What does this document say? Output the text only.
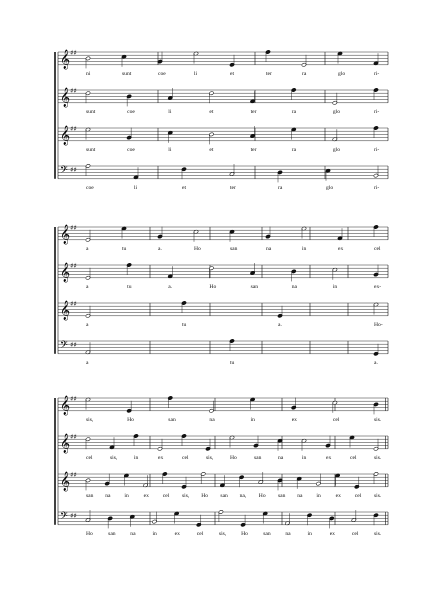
𝄞 ♯♯
ni	sunt	coe	li	et	ter	ra	glo	ri-
𝄞 ♯♯
sunt	coe	li	et	ter	ra	glo	ri-
𝄞 ♯♯
sunt	coe	li	et	ter	ra	glo	ri-
𝄢 ♯♯
coe	li	et	ter	ra	glo	ri-
𝄞 ♯♯
a	tu	a.	Ho	san	na	in	ex	cel
𝄞 ♯♯
a	tu	a.	Ho	san	na	in	ex-
𝄞 ♯♯
a	tu	a.	Ho-
𝄢 ♯♯
a	tu	a.
𝄞 ♯♯
sis,	Ho	san	na	in	ex	cel	sis.
𝄞 ♯♯
cel	sis,	in	ex	cel	sis,	Ho	san	na	in	ex	cel	sis.
𝄞 ♯♯
san na in	ex cel sis, Ho san na, Ho san na in	ex cel sis.
𝄢 ♯♯
Ho	san	na	in	ex	cel	sis,	Ho	san	na	in	ex	cel	sis.
